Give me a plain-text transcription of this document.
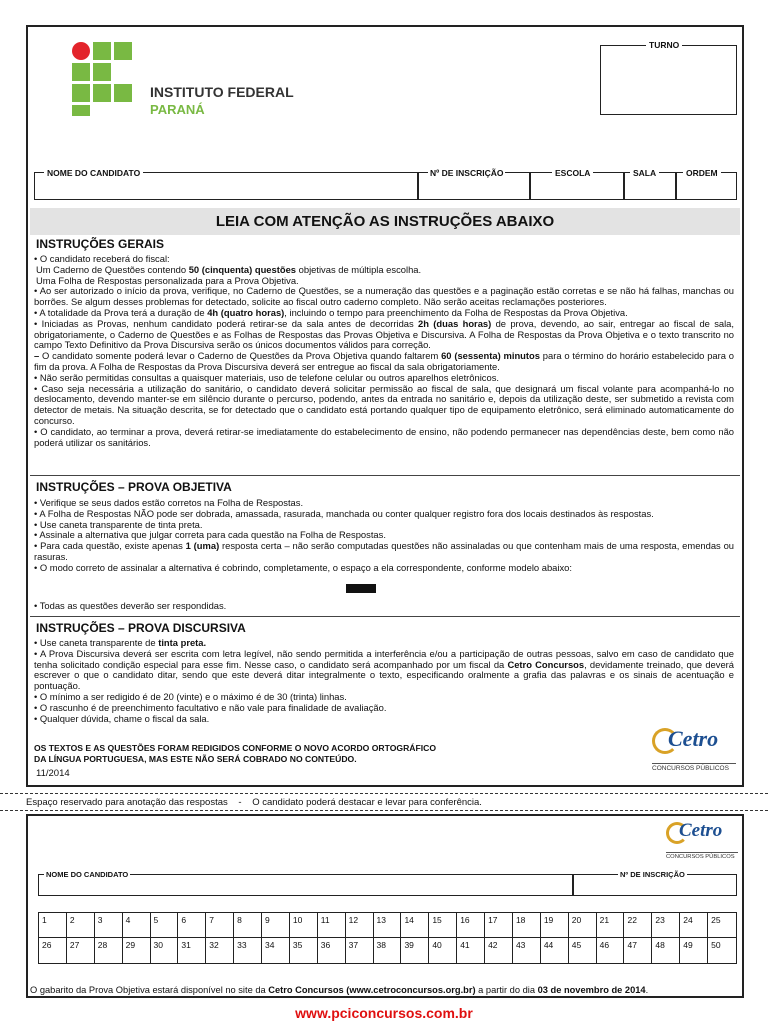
INSTITUTO FEDERAL
PARANÁ
TURNO
NOME DO CANDIDATO	Nº DE INSCRIÇÃO	ESCOLA	SALA	ORDEM
LEIA COM ATENÇÃO AS INSTRUÇÕES ABAIXO
INSTRUÇÕES GERAIS

• O candidato receberá do fiscal:

Um Caderno de Questões contendo 50 (cinquenta) questões objetivas de múltipla escolha.

Uma Folha de Respostas personalizada para a Prova Objetiva.

• Ao ser autorizado o início da prova, verifique, no Caderno de Questões, se a numeração das questões e a paginação estão corretas e se não há falhas, manchas ou borrões. Se algum desses problemas for detectado, solicite ao fiscal outro caderno completo. Não serão aceitas reclamações posteriores.

• A totalidade da Prova terá a duração de 4h (quatro horas), incluindo o tempo para preenchimento da Folha de Respostas da Prova Objetiva.

• Iniciadas as Provas, nenhum candidato poderá retirar-se da sala antes de decorridas 2h (duas horas) de prova, devendo, ao sair, entregar ao fiscal de sala, obrigatoriamente, o Caderno de Questões e as Folhas de Respostas das Provas Objetiva e Discursiva. A Folha de Respostas da Prova Objetiva e o texto transcrito no campo Texto Definitivo da Prova Discursiva serão os únicos documentos válidos para correção.

– O candidato somente poderá levar o Caderno de Questões da Prova Objetiva quando faltarem 60 (sessenta) minutos para o término do horário estabelecido para o fim da prova. A Folha de Respostas da Prova Discursiva deverá ser entregue ao fiscal da sala obrigatoriamente.

• Não serão permitidas consultas a quaisquer materiais, uso de telefone celular ou outros aparelhos eletrônicos.

• Caso seja necessária a utilização do sanitário, o candidato deverá solicitar permissão ao fiscal de sala, que designará um fiscal volante para acompanhá-lo no deslocamento, devendo manter-se em silêncio durante o percurso, podendo, antes da entrada no sanitário e, depois da utilização deste, ser submetido a revista com detector de metais. Na situação descrita, se for detectado que o candidato está portando qualquer tipo de equipamento eletrônico, será eliminado automaticamente do concurso.

• O candidato, ao terminar a prova, deverá retirar-se imediatamente do estabelecimento de ensino, não podendo permanecer nas dependências deste, bem como não poderá utilizar os sanitários.

INSTRUÇÕES – PROVA OBJETIVA

• Verifique se seus dados estão corretos na Folha de Respostas.

• A Folha de Respostas NÃO pode ser dobrada, amassada, rasurada, manchada ou conter qualquer registro fora dos locais destinados às respostas.

• Use caneta transparente de tinta preta.

• Assinale a alternativa que julgar correta para cada questão na Folha de Respostas.

• Para cada questão, existe apenas 1 (uma) resposta certa – não serão computadas questões não assinaladas ou que contenham mais de uma resposta, emendas ou rasuras.

• O modo correto de assinalar a alternativa é cobrindo, completamente, o espaço a ela correspondente, conforme modelo abaixo:

• Todas as questões deverão ser respondidas.
INSTRUÇÕES – PROVA DISCURSIVA

• Use caneta transparente de tinta preta.

• A Prova Discursiva deverá ser escrita com letra legível, não sendo permitida a interferência e/ou a participação de outras pessoas, salvo em caso de candidato que tenha solicitado condição especial para esse fim. Nesse caso, o candidato será acompanhado por um fiscal da Cetro Concursos, devidamente treinado, que deverá escrever o que o candidato ditar, sendo que este deverá ditar integralmente o texto, especificando oralmente a grafia das palavras e os sinais de acentuação e pontuação.

• O mínimo a ser redigido é de 20 (vinte) e o máximo é de 30 (trinta) linhas.

• O rascunho é de preenchimento facultativo e não vale para finalidade de avaliação.

• Qualquer dúvida, chame o fiscal da sala.

OS TEXTOS E AS QUESTÕES FORAM REDIGIDOS CONFORME O NOVO ACORDO ORTOGRÁFICO
DA LÍNGUA PORTUGUESA, MAS ESTE NÃO SERÁ COBRADO NO CONTEÚDO.
11/2014
Cetro
CONCURSOS PÚBLICOS
Espaço reservado para anotação das respostas - O candidato poderá destacar e levar para conferência.
Cetro
CONCURSOS PÚBLICOS
NOME DO CANDIDATO	Nº DE INSCRIÇÃO
1	2	3	4	5	6	7	8	9	10	11	12	13	14	15	16	17	18	19	20	21	22	23	24	25
26	27	28	29	30	31	32	33	34	35	36	37	38	39	40	41	42	43	44	45	46	47	48	49	50
O gabarito da Prova Objetiva estará disponível no site da Cetro Concursos (www.cetroconcursos.org.br) a partir do dia 03 de novembro de 2014.
www.pciconcursos.com.br
